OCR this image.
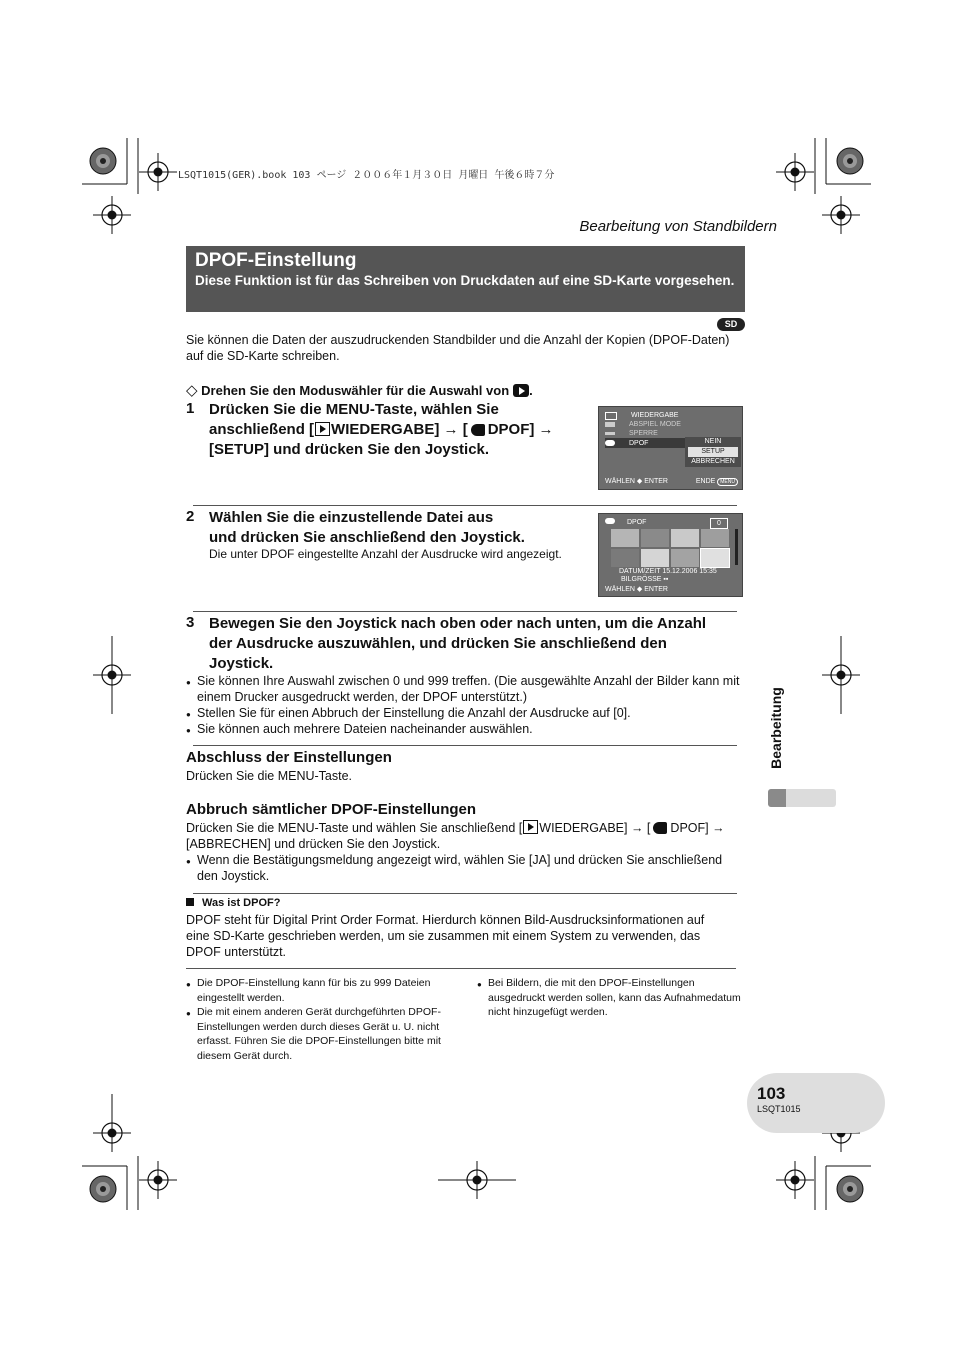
LSQT1015(GER).book 103 ページ ２００６年１月３０日 月曜日 午後６時７分
Bearbeitung von Standbildern
DPOF-Einstellung
Diese Funktion ist für das Schreiben von Druckdaten auf eine SD-Karte vorgesehen.
SD
Sie können die Daten der auszudruckenden Standbilder und die Anzahl der Kopien (DPOF-Daten) auf die SD-Karte schreiben.
◇ Drehen Sie den Moduswähler für die Auswahl von .
1 Drücken Sie die MENU-Taste, wählen Sie
anschließend [ WIEDERGABE] → [ DPOF] →
[SETUP] und drücken Sie den Joystick.
WIEDERGABE
ABSPIEL MODE
SPERRE
DPOF	NEIN
SETUP
ABBRECHEN
WÄHLEN ◆ ENTER	ENDE MENU
2 Wählen Sie die einzustellende Datei aus
und drücken Sie anschließend den Joystick.
Die unter DPOF eingestellte Anzahl der Ausdrucke wird angezeigt.
DPOF	0
DATUM/ZEIT 15.12.2006 15:35
BILGRÖSSE ▪▪
WÄHLEN ◆ ENTER
3 Bewegen Sie den Joystick nach oben oder nach unten, um die Anzahl
der Ausdrucke auszuwählen, und drücken Sie anschließend den
Joystick.
● Sie können Ihre Auswahl zwischen 0 und 999 treffen. (Die ausgewählte Anzahl der Bilder kann mit einem Drucker ausgedruckt werden, der DPOF unterstützt.)
● Stellen Sie für einen Abbruch der Einstellung die Anzahl der Ausdrucke auf [0].
● Sie können auch mehrere Dateien nacheinander auswählen.
Abschluss der Einstellungen
Drücken Sie die MENU-Taste.
Abbruch sämtlicher DPOF-Einstellungen
Drücken Sie die MENU-Taste und wählen Sie anschließend [ WIEDERGABE] → [ DPOF] →
[ABBRECHEN] und drücken Sie den Joystick.
● Wenn die Bestätigungsmeldung angezeigt wird, wählen Sie [JA] und drücken Sie anschließend den Joystick.
Was ist DPOF?
DPOF steht für Digital Print Order Format. Hierdurch können Bild-Ausdrucksinformationen auf eine SD-Karte geschrieben werden, um sie zusammen mit einem System zu verwenden, das DPOF unterstützt.
● Die DPOF-Einstellung kann für bis zu 999 Dateien eingestellt werden.
● Die mit einem anderen Gerät durchgeführten DPOF-Einstellungen werden durch dieses Gerät u. U. nicht erfasst. Führen Sie die DPOF-Einstellungen bitte mit diesem Gerät durch.
● Bei Bildern, die mit den DPOF-Einstellungen ausgedruckt werden sollen, kann das Aufnahmedatum nicht hinzugefügt werden.
Bearbeitung
103
LSQT1015
